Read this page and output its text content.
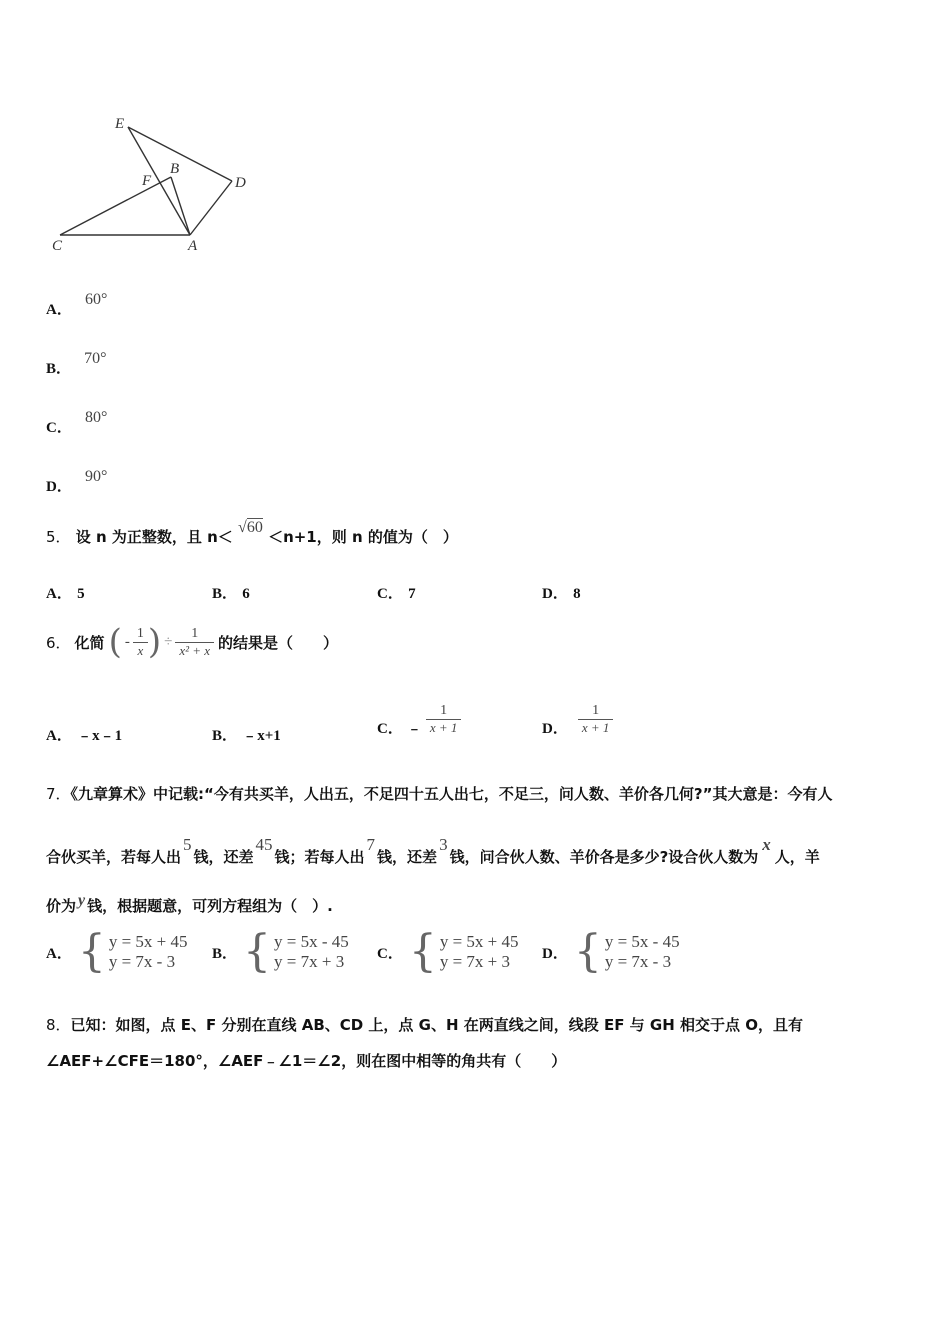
E
B
F	D
C	A
A． 60°
B． 70°
C． 80°
D． 90°
5． 设 n 为正整数，且 n＜ √60 ＜n+1，则 n 的值为（　）
A． 5	B． 6	C． 7	D． 8
6． 化简 ( - $\frac{1}{x}$ ) ÷ $\frac{1}{\text{x² + x}}$ 的结果是（　　）
A． ﹣x﹣1	B． ﹣x+1	C． ﹣ $\frac{1}{x + 1}$	D． $\frac{1}{x + 1}$
7．《九章算术》中记载:“今有共买羊，人出五，不足四十五人出七，不足三，问人数、羊价各几何?”其大意是：今有人
合伙买羊，若每人出5钱，还差45钱；若每人出7钱，还差3钱，问合伙人数、羊价各是多少?设合伙人数为x人，羊
价为 y 钱，根据题意，可列方程组为（　）.
A． { y = 5x + 45
y = 7x - 3	B． { y = 5x - 45
y = 7x + 3	C． { y = 5x + 45
y = 7x + 3	D． { y = 5x - 45
y = 7x - 3
8．已知：如图，点 E、F 分别在直线 AB、CD 上，点 G、H 在两直线之间，线段 EF 与 GH 相交于点 O，且有
∠AEF+∠CFE＝180°，∠AEF﹣∠1＝∠2，则在图中相等的角共有（　　）
